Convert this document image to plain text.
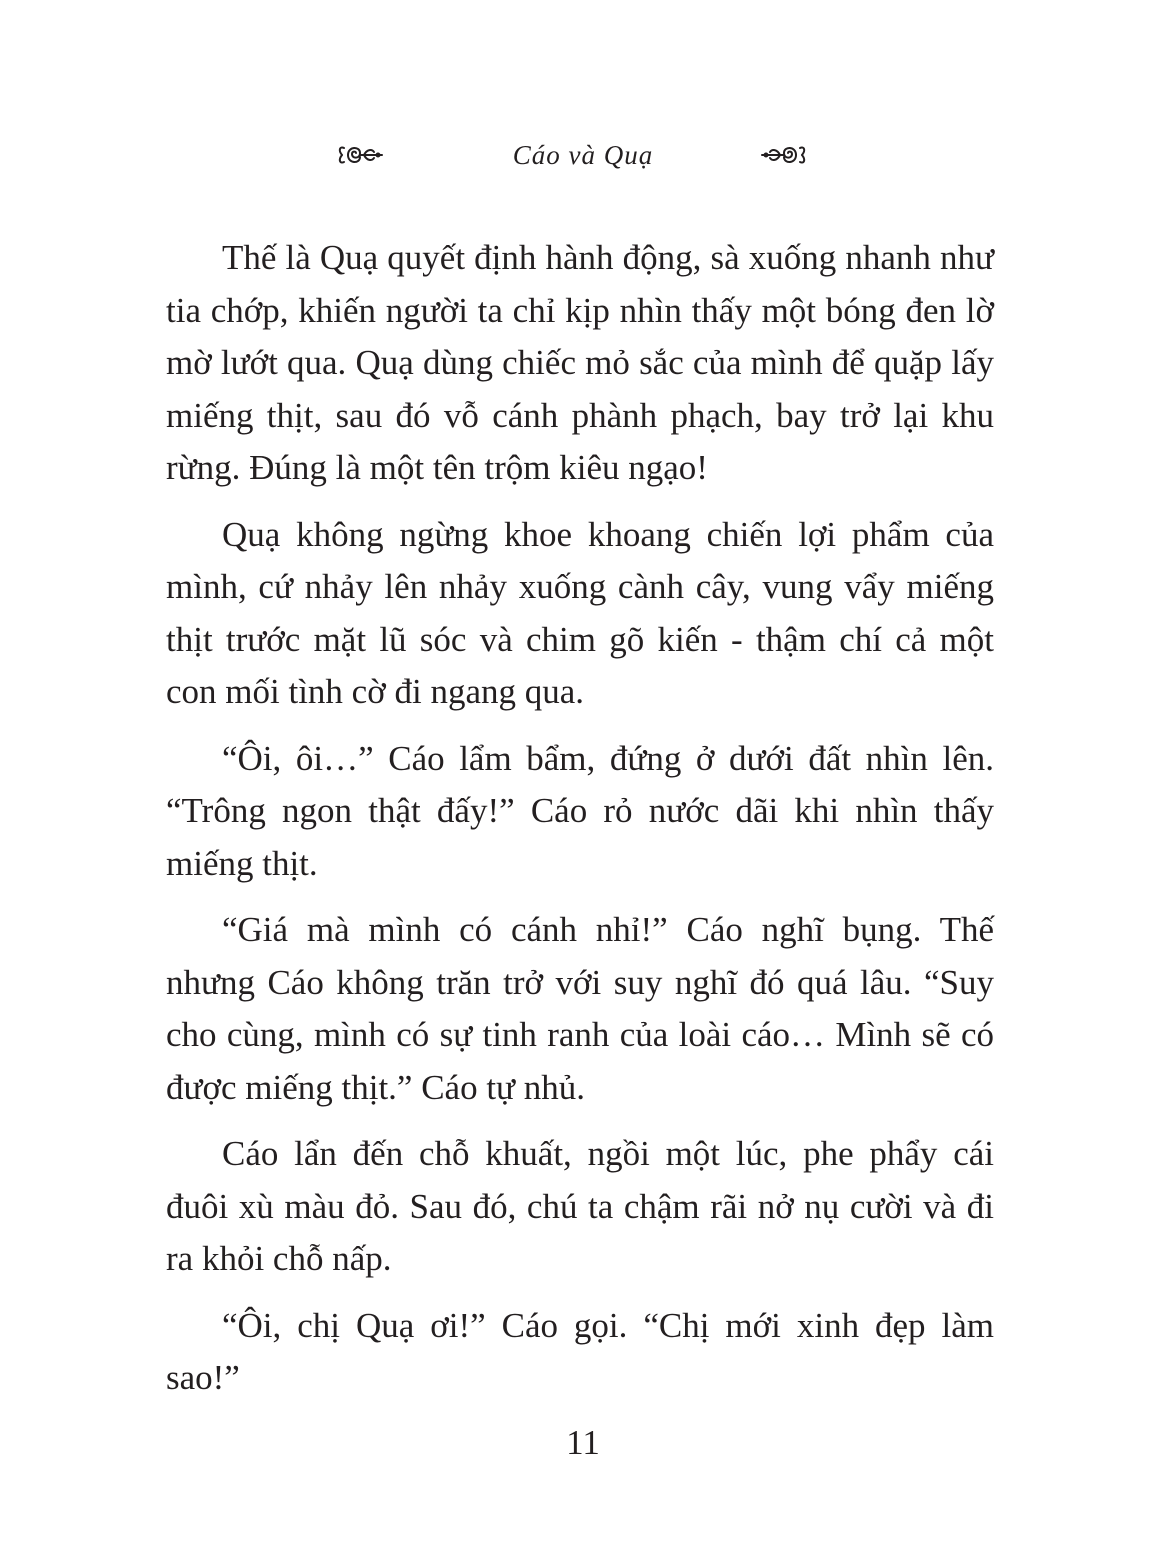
Cáo và Quạ

Thế là Quạ quyết định hành động, sà xuống nhanh như tia chớp, khiến người ta chỉ kịp nhìn thấy một bóng đen lờ mờ lướt qua. Quạ dùng chiếc mỏ sắc của mình để quặp lấy miếng thịt, sau đó vỗ cánh phành phạch, bay trở lại khu rừng. Đúng là một tên trộm kiêu ngạo!

Quạ không ngừng khoe khoang chiến lợi phẩm của mình, cứ nhảy lên nhảy xuống cành cây, vung vẩy miếng thịt trước mặt lũ sóc và chim gõ kiến - thậm chí cả một con mối tình cờ đi ngang qua.

“Ôi, ôi…” Cáo lẩm bẩm, đứng ở dưới đất nhìn lên. “Trông ngon thật đấy!” Cáo rỏ nước dãi khi nhìn thấy miếng thịt.

“Giá mà mình có cánh nhỉ!” Cáo nghĩ bụng. Thế nhưng Cáo không trăn trở với suy nghĩ đó quá lâu. “Suy cho cùng, mình có sự tinh ranh của loài cáo… Mình sẽ có được miếng thịt.” Cáo tự nhủ.

Cáo lẩn đến chỗ khuất, ngồi một lúc, phe phẩy cái đuôi xù màu đỏ. Sau đó, chú ta chậm rãi nở nụ cười và đi ra khỏi chỗ nấp.

“Ôi, chị Quạ ơi!” Cáo gọi. “Chị mới xinh đẹp làm sao!”

11
